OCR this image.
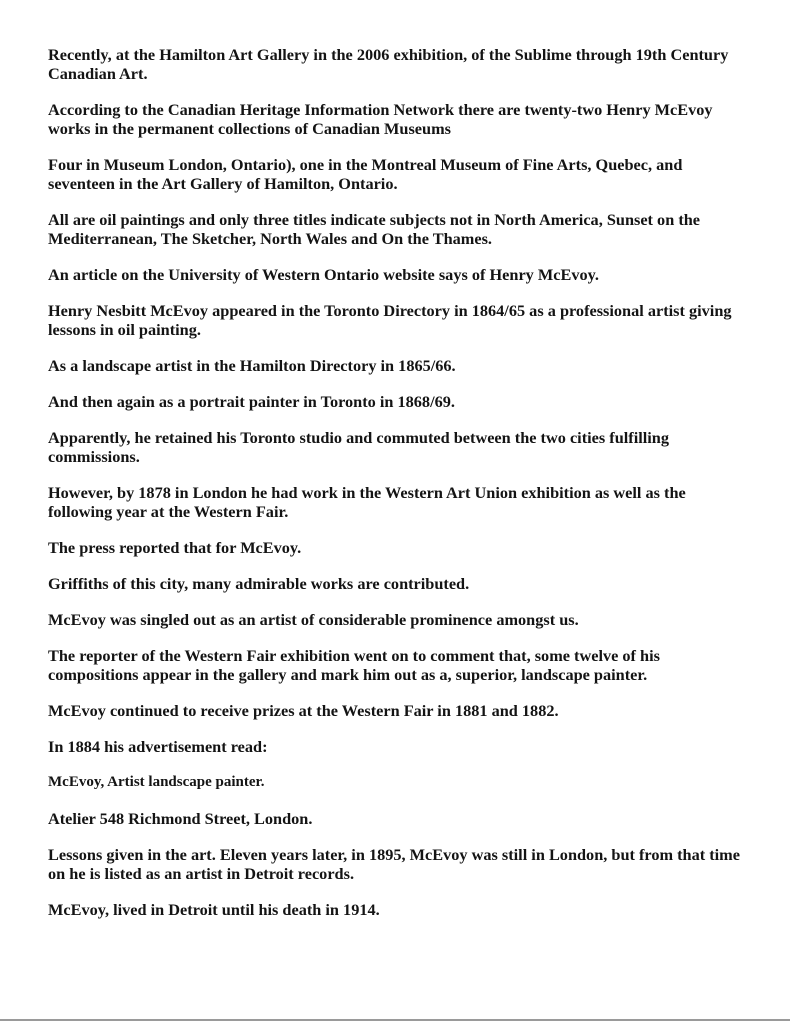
Recently, at the Hamilton Art Gallery in the 2006 exhibition, of the Sublime through 19th Century Canadian Art.

According to the Canadian Heritage Information Network there are twenty-two Henry McEvoy works in the permanent collections of Canadian Museums

Four in Museum London, Ontario), one in the Montreal Museum of Fine Arts, Quebec, and seventeen in the Art Gallery of Hamilton, Ontario.

All are oil paintings and only three titles indicate subjects not in North America, Sunset on the Mediterranean, The Sketcher, North Wales and On the Thames.

An article on the University of Western Ontario website says of Henry McEvoy.

Henry Nesbitt McEvoy appeared in the Toronto Directory in 1864/65 as a professional artist giving lessons in oil painting.

As a landscape artist in the Hamilton Directory in 1865/66.

And then again as a portrait painter in Toronto in 1868/69.

Apparently, he retained his Toronto studio and commuted between the two cities fulfilling commissions.

However, by 1878 in London he had work in the Western Art Union exhibition as well as the following year at the Western Fair.

The press reported that for McEvoy.

Griffiths of this city, many admirable works are contributed.

McEvoy was singled out as an artist of considerable prominence amongst us.

The reporter of the Western Fair exhibition went on to comment that, some twelve of his compositions appear in the gallery and mark him out as a, superior, landscape painter.

McEvoy continued to receive prizes at the Western Fair in 1881 and 1882.

In 1884 his advertisement read:

McEvoy, Artist landscape painter.

Atelier 548 Richmond Street, London.

Lessons given in the art. Eleven years later, in 1895, McEvoy was still in London, but from that time on he is listed as an artist in Detroit records.

McEvoy, lived in Detroit until his death in 1914.
